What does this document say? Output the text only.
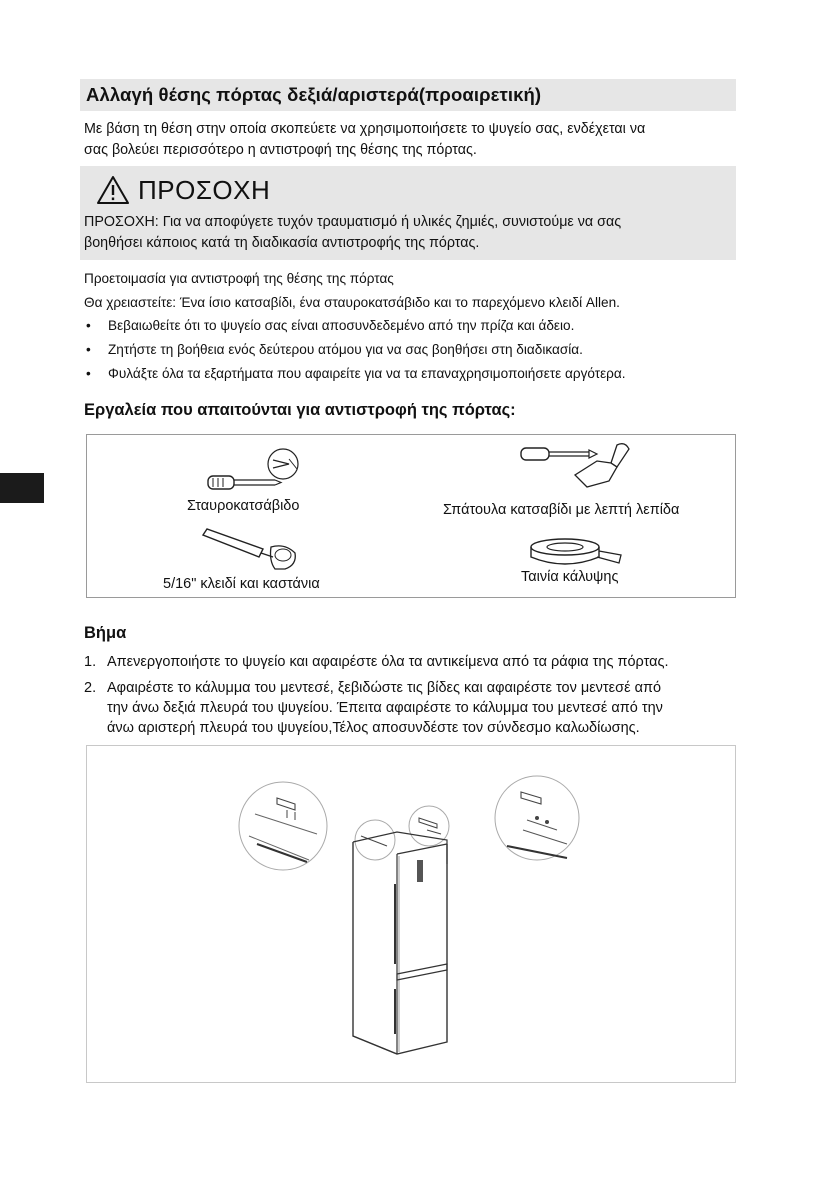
Αλλαγή θέσης πόρτας δεξιά/αριστερά(προαιρετική)
Με βάση τη θέση στην οποία σκοπεύετε να χρησιμοποιήσετε το ψυγείο σας, ενδέχεται να
σας βολεύει περισσότερο η αντιστροφή της θέσης της πόρτας.
ΠΡΟΣΟΧΗ
ΠΡΟΣΟΧΗ: Για να αποφύγετε τυχόν τραυματισμό ή υλικές ζημιές, συνιστούμε να σας
βοηθήσει κάποιος κατά τη διαδικασία αντιστροφής της πόρτας.
Προετοιμασία για αντιστροφή της θέσης της πόρτας
Θα χρειαστείτε: Ένα ίσιο κατσαβίδι, ένα σταυροκατσάβιδο και το παρεχόμενο κλειδί Allen.
• Βεβαιωθείτε ότι το ψυγείο σας είναι αποσυνδεδεμένο από την πρίζα και άδειο.
• Ζητήστε τη βοήθεια ενός δεύτερου ατόμου για να σας βοηθήσει στη διαδικασία.
• Φυλάξτε όλα τα εξαρτήματα που αφαιρείτε για να τα επαναχρησιμοποιήσετε αργότερα.
Εργαλεία που απαιτούνται για αντιστροφή της πόρτας:
Σταυροκατσάβιδο	Σπάτουλα κατσαβίδι με λεπτή λεπίδα
5/16" κλειδί και καστάνια	Ταινία κάλυψης
Βήμα
1. Απενεργοποιήστε το ψυγείο και αφαιρέστε όλα τα αντικείμενα από τα ράφια της πόρτας.
2. Αφαιρέστε το κάλυμμα του μεντεσέ, ξεβιδώστε τις βίδες και αφαιρέστε τον μεντεσέ από
την άνω δεξιά πλευρά του ψυγείου. Έπειτα αφαιρέστε το κάλυμμα του μεντεσέ από την
άνω αριστερή πλευρά του ψυγείου,Τέλος αποσυνδέστε τον σύνδεσμο καλωδίωσης.
